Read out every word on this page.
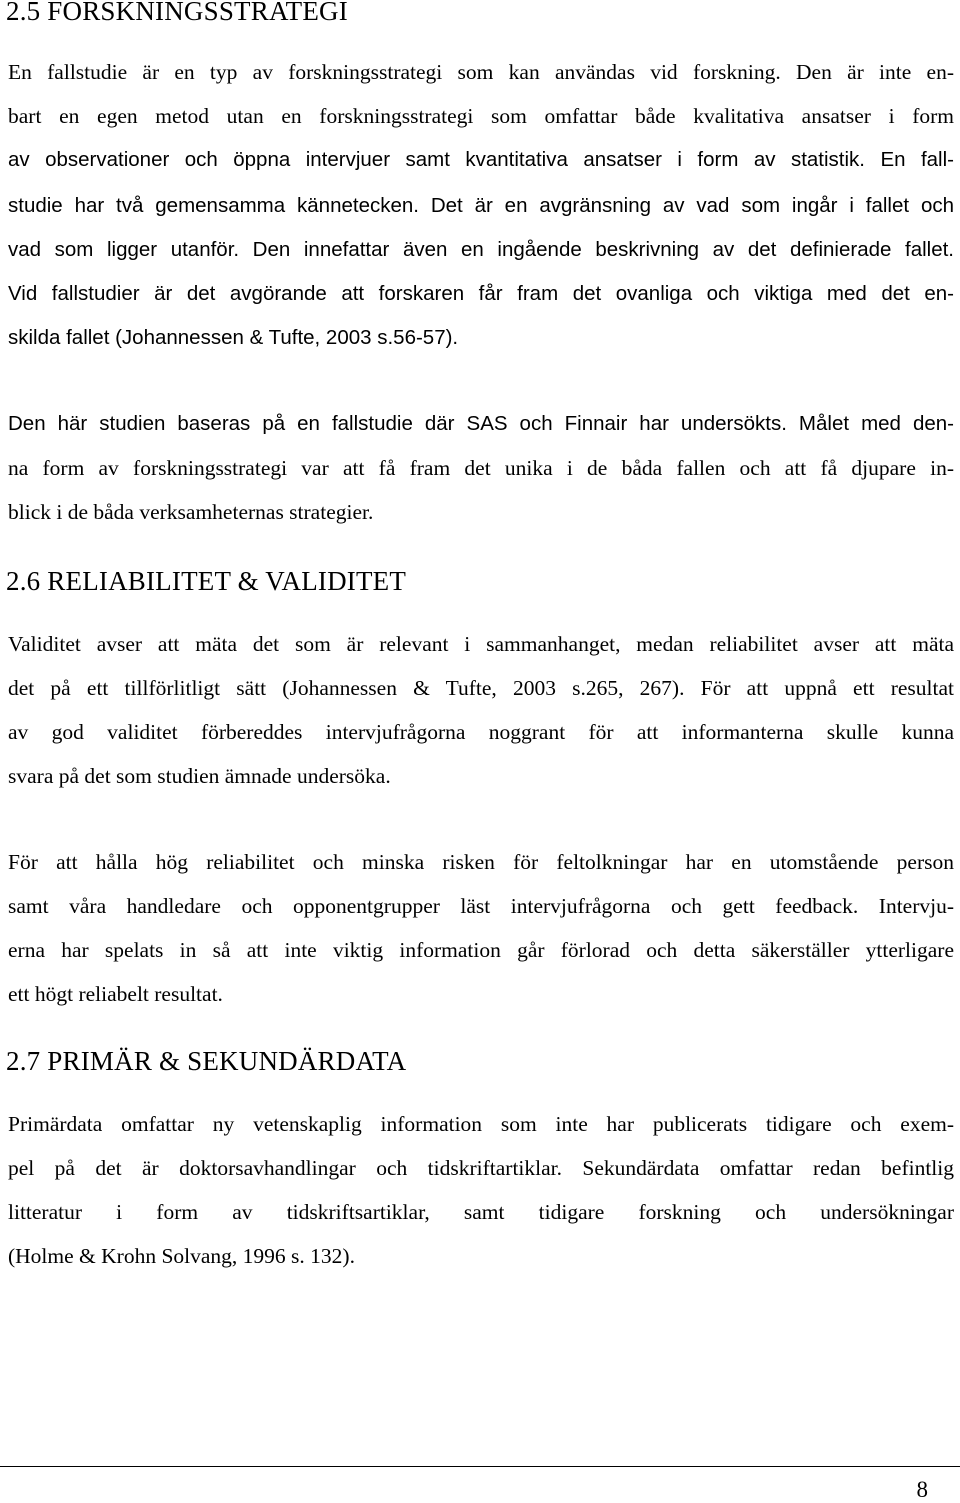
2.5 FORSKNINGSSTRATEGI

En fallstudie är en typ av forskningsstrategi som kan användas vid forskning. Den är inte en-

bart en egen metod utan en forskningsstrategi som omfattar både kvalitativa ansatser i form

av observationer och öppna intervjuer samt kvantitativa ansatser i form av statistik. En fall-

studie har två gemensamma kännetecken. Det är en avgränsning av vad som ingår i fallet och

vad som ligger utanför. Den innefattar även en ingående beskrivning av det definierade fallet.

Vid fallstudier är det avgörande att forskaren får fram det ovanliga och viktiga med det en-

skilda fallet (Johannessen & Tufte, 2003 s.56-57).

Den här studien baseras på en fallstudie där SAS och Finnair har undersökts. Målet med den-

na form av forskningsstrategi var att få fram det unika i de båda fallen och att få djupare in-

blick i de båda verksamheternas strategier.

2.6 RELIABILITET & VALIDITET

Validitet avser att mäta det som är relevant i sammanhanget, medan reliabilitet avser att mäta

det på ett tillförlitligt sätt (Johannessen & Tufte, 2003 s.265, 267). För att uppnå ett resultat

av god validitet förbereddes intervjufrågorna noggrant för att informanterna skulle kunna

svara på det som studien ämnade undersöka.

För att hålla hög reliabilitet och minska risken för feltolkningar har en utomstående person

samt våra handledare och opponentgrupper läst intervjufrågorna och gett feedback. Intervju-

erna har spelats in så att inte viktig information går förlorad och detta säkerställer ytterligare

ett högt reliabelt resultat.

2.7 PRIMÄR & SEKUNDÄRDATA

Primärdata omfattar ny vetenskaplig information som inte har publicerats tidigare och exem-

pel på det är doktorsavhandlingar och tidskriftartiklar. Sekundärdata omfattar redan befintlig

litteratur i form av tidskriftsartiklar, samt tidigare forskning och undersökningar

(Holme & Krohn Solvang, 1996 s. 132).

8
